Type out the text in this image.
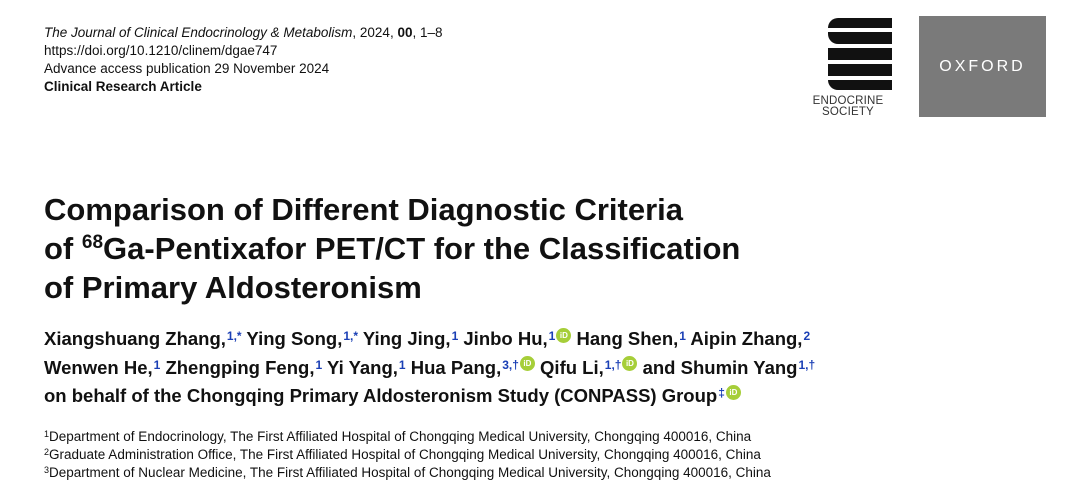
The Journal of Clinical Endocrinology & Metabolism, 2024, 00, 1–8
https://doi.org/10.1210/clinem/dgae747
Advance access publication 29 November 2024
Clinical Research Article
ENDOCRINE
SOCIETY
OXFORD
Comparison of Different Diagnostic Criteria
of $^{68}$Ga-Pentixafor PET/CT for the Classification
of Primary Aldosteronism
Xiangshuang Zhang,$^{1,*}$ Ying Song,$^{1,*}$ Ying Jing,$^1$ Jinbo Hu,$^1$ iD Hang Shen,$^1$ Aipin Zhang,$^2$
Wenwen He,$^1$ Zhengping Feng,$^1$ Yi Yang,$^1$ Hua Pang,$^{3,\dagger}$ iD Qifu Li,$^{1,\dagger}$ iD and Shumin Yang$^{1,\dagger}$
on behalf of the Chongqing Primary Aldosteronism Study (CONPASS) Group‡ iD
$^1$Department of Endocrinology, The First Affiliated Hospital of Chongqing Medical University, Chongqing 400016, China
$^2$Graduate Administration Office, The First Affiliated Hospital of Chongqing Medical University, Chongqing 400016, China
$^3$Department of Nuclear Medicine, The First Affiliated Hospital of Chongqing Medical University, Chongqing 400016, China
